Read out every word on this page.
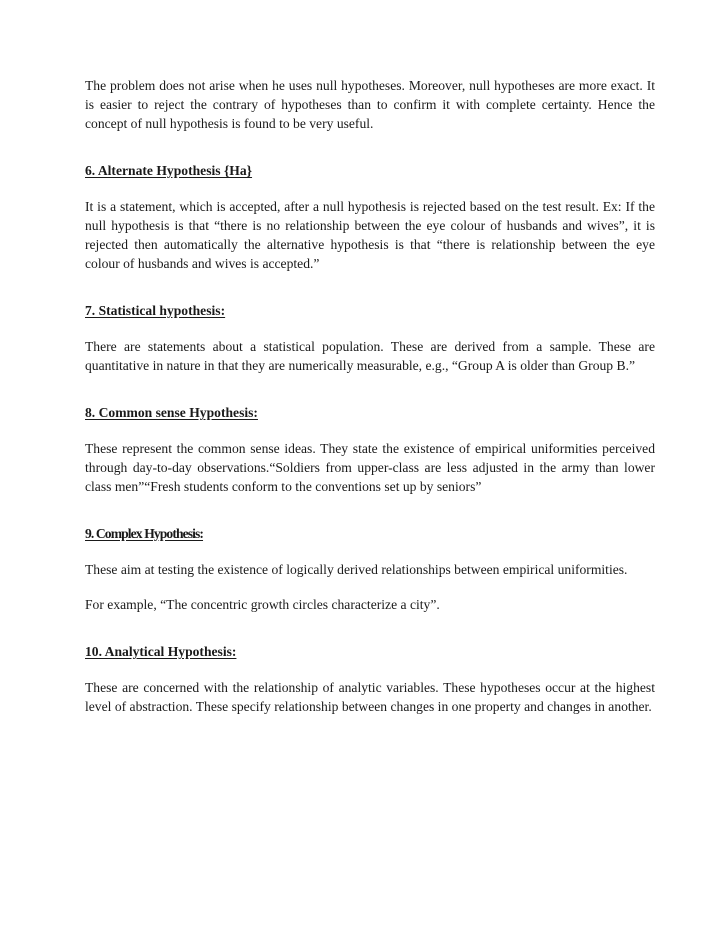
The problem does not arise when he uses null hypotheses. Moreover, null hypotheses are more exact. It is easier to reject the contrary of hypotheses than to confirm it with complete certainty. Hence the concept of null hypothesis is found to be very useful.

6. Alternate Hypothesis {Ha}

It is a statement, which is accepted, after a null hypothesis is rejected based on the test result. Ex: If the null hypothesis is that “there is no relationship between the eye colour of husbands and wives”, it is rejected then automatically the alternative hypothesis is that “there is relationship between the eye colour of husbands and wives is accepted.”

7. Statistical hypothesis:

There are statements about a statistical population. These are derived from a sample. These are quantitative in nature in that they are numerically measurable, e.g., “Group A is older than Group B.”

8. Common sense Hypothesis:

These represent the common sense ideas. They state the existence of empirical uniformities perceived through day-to-day observations.“Soldiers from upper-class are less adjusted in the army than lower class men”“Fresh students conform to the conventions set up by seniors”

9. Complex Hypothesis:

These aim at testing the existence of logically derived relationships between empirical uniformities.

For example, “The concentric growth circles characterize a city”.

10. Analytical Hypothesis:

These are concerned with the relationship of analytic variables. These hypotheses occur at the highest level of abstraction. These specify relationship between changes in one property and changes in another.
